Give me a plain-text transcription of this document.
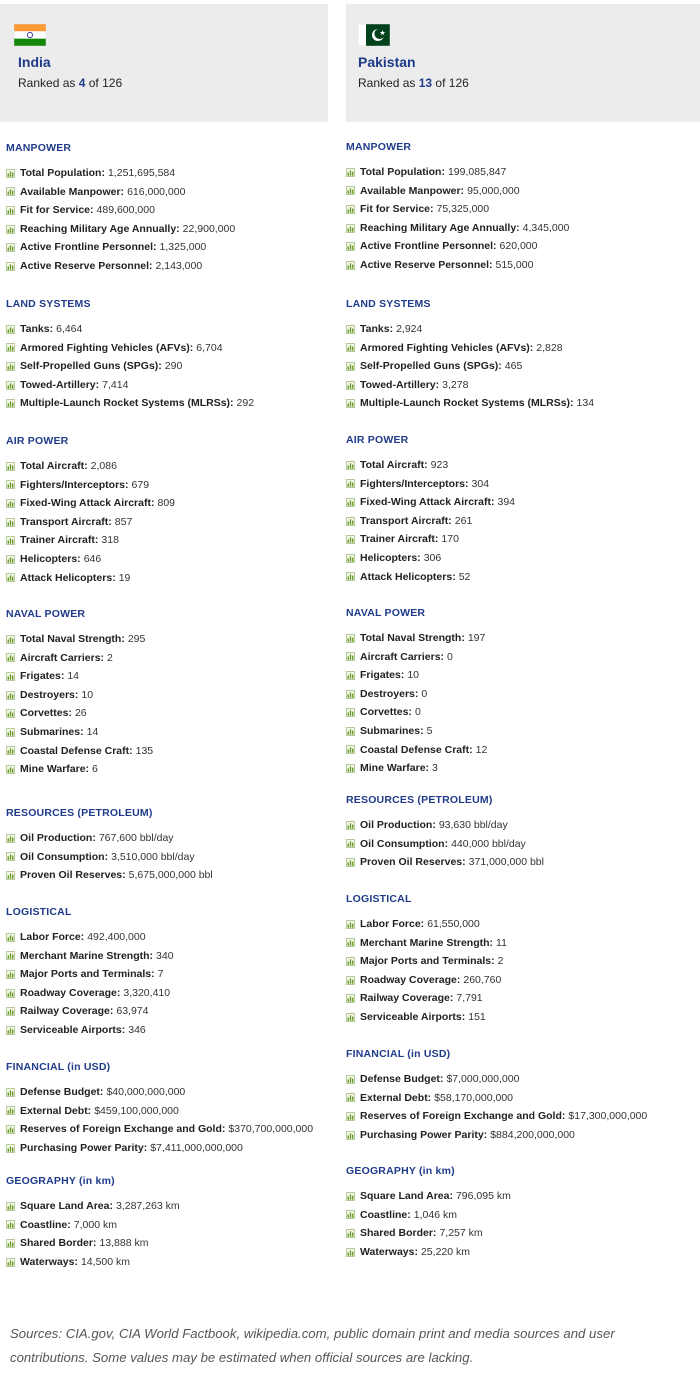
India
Ranked as 4 of 126
MANPOWER
Total Population: 1,251,695,584
Available Manpower: 616,000,000
Fit for Service: 489,600,000
Reaching Military Age Annually: 22,900,000
Active Frontline Personnel: 1,325,000
Active Reserve Personnel: 2,143,000
LAND SYSTEMS
Tanks: 6,464
Armored Fighting Vehicles (AFVs): 6,704
Self-Propelled Guns (SPGs): 290
Towed-Artillery: 7,414
Multiple-Launch Rocket Systems (MLRSs): 292
AIR POWER
Total Aircraft: 2,086
Fighters/Interceptors: 679
Fixed-Wing Attack Aircraft: 809
Transport Aircraft: 857
Trainer Aircraft: 318
Helicopters: 646
Attack Helicopters: 19
NAVAL POWER
Total Naval Strength: 295
Aircraft Carriers: 2
Frigates: 14
Destroyers: 10
Corvettes: 26
Submarines: 14
Coastal Defense Craft: 135
Mine Warfare: 6
RESOURCES (PETROLEUM)
Oil Production: 767,600 bbl/day
Oil Consumption: 3,510,000 bbl/day
Proven Oil Reserves: 5,675,000,000 bbl
LOGISTICAL
Labor Force: 492,400,000
Merchant Marine Strength: 340
Major Ports and Terminals: 7
Roadway Coverage: 3,320,410
Railway Coverage: 63,974
Serviceable Airports: 346
FINANCIAL (in USD)
Defense Budget: $40,000,000,000
External Debt: $459,100,000,000
Reserves of Foreign Exchange and Gold: $370,700,000,000
Purchasing Power Parity: $7,411,000,000,000
GEOGRAPHY (in km)
Square Land Area: 3,287,263 km
Coastline: 7,000 km
Shared Border: 13,888 km
Waterways: 14,500 km
Pakistan
Ranked as 13 of 126
MANPOWER
Total Population: 199,085,847
Available Manpower: 95,000,000
Fit for Service: 75,325,000
Reaching Military Age Annually: 4,345,000
Active Frontline Personnel: 620,000
Active Reserve Personnel: 515,000
LAND SYSTEMS
Tanks: 2,924
Armored Fighting Vehicles (AFVs): 2,828
Self-Propelled Guns (SPGs): 465
Towed-Artillery: 3,278
Multiple-Launch Rocket Systems (MLRSs): 134
AIR POWER
Total Aircraft: 923
Fighters/Interceptors: 304
Fixed-Wing Attack Aircraft: 394
Transport Aircraft: 261
Trainer Aircraft: 170
Helicopters: 306
Attack Helicopters: 52
NAVAL POWER
Total Naval Strength: 197
Aircraft Carriers: 0
Frigates: 10
Destroyers: 0
Corvettes: 0
Submarines: 5
Coastal Defense Craft: 12
Mine Warfare: 3
RESOURCES (PETROLEUM)
Oil Production: 93,630 bbl/day
Oil Consumption: 440,000 bbl/day
Proven Oil Reserves: 371,000,000 bbl
LOGISTICAL
Labor Force: 61,550,000
Merchant Marine Strength: 11
Major Ports and Terminals: 2
Roadway Coverage: 260,760
Railway Coverage: 7,791
Serviceable Airports: 151
FINANCIAL (in USD)
Defense Budget: $7,000,000,000
External Debt: $58,170,000,000
Reserves of Foreign Exchange and Gold: $17,300,000,000
Purchasing Power Parity: $884,200,000,000
GEOGRAPHY (in km)
Square Land Area: 796,095 km
Coastline: 1,046 km
Shared Border: 7,257 km
Waterways: 25,220 km
Sources: CIA.gov, CIA World Factbook, wikipedia.com, public domain print and media sources and user contributions. Some values may be estimated when official sources are lacking.
